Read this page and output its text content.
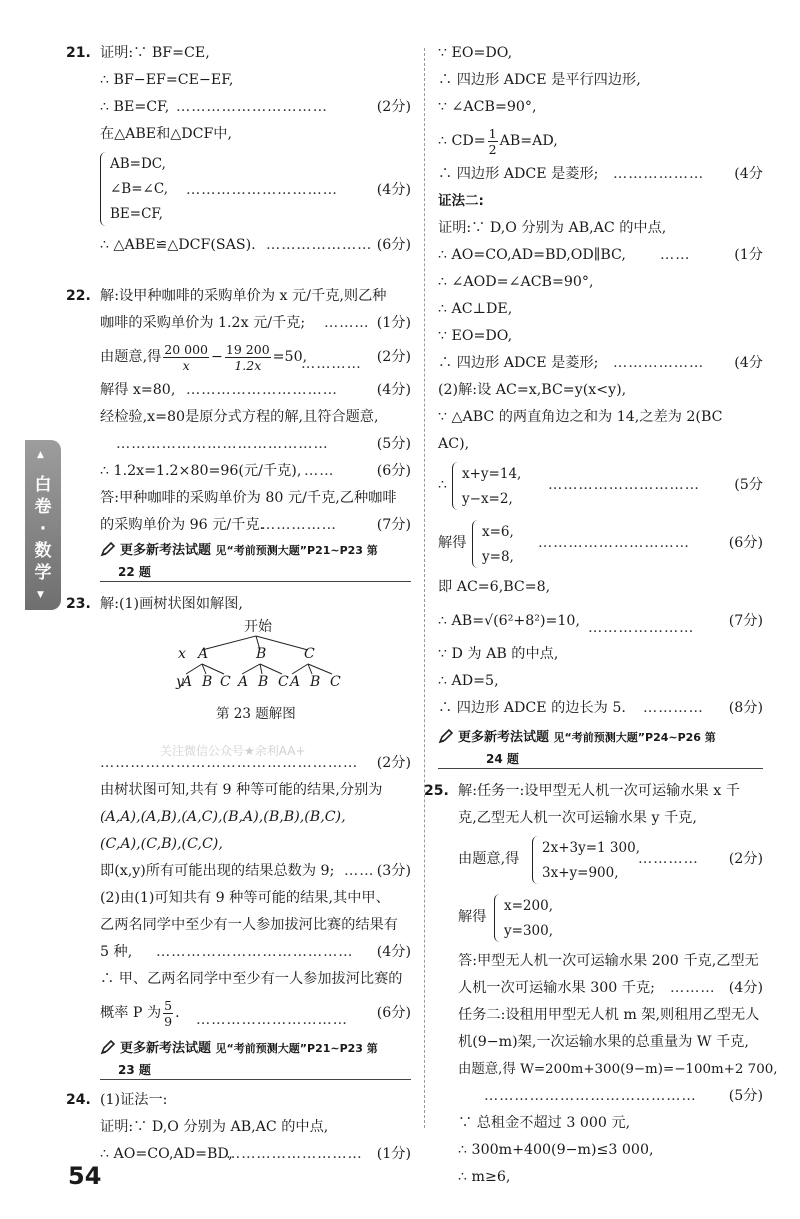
▲
白卷·数学
▼
关注微信公众号★余利AA+
21. 证明:∵ BF=CE,
∴ BF−EF=CE−EF,
∴ BE=CF, …………………………	(2分)
在△ABE和△DCF中,
AB=DC,
∠B=∠C,
BE=CF,
…………………………	(4分)
∴ △ABE≌△DCF(SAS). ………………… (6分)
22. 解:设甲种咖啡的采购单价为 x 元/千克,则乙种
咖啡的采购单价为 1.2x 元/千克; ……… (1分)
由题意,得 $\frac{20 000}{x} - \frac{19 200}{1.2x} =50$,
………… (2分)
解得 x=80, …………………………	(4分)
经检验,x=80是原分式方程的解,且符合题意,
……………………………………	(5分)
∴ 1.2x=1.2×80=96(元/千克), ……	(6分)
答:甲种咖啡的采购单价为 80 元/千克,乙种咖啡
的采购单价为 96 元/千克.
……………	(7分)
更多新考法试题 见“考前预测大题”P21~P23 第
22 题
23. 解:(1)画树状图如解图,
开始
x A	B	C
y
A B C A B C A B C
第 23 题解图
…………………………………………… (2分)
由树状图可知,共有 9 种等可能的结果,分别为
(A,A),(A,B),(A,C),(B,A),(B,B),(B,C),
(C,A),(C,B),(C,C),
即(x,y)所有可能出现的结果总数为 9; …… (3分)
(2)由(1)可知共有 9 种等可能的结果,其中甲、
乙两名同学中至少有一人参加拔河比赛的结果有
5 种, …………………………………	(4分)
∴ 甲、乙两名同学中至少有一人参加拔河比赛的
概率 P 为 $\frac{5}{9}$ . …………………………	(6分)
更多新考法试题 见“考前预测大题”P21~P23 第
23 题
24. (1)证法一:
证明:∵ D,O 分别为 AB,AC 的中点,
∴ AO=CO,AD=BD,
……………………… (1分)
∵ EO=DO,
∴ 四边形 ADCE 是平行四边形,
∵ ∠ACB=90°,
∴ $CD= \frac{1}{2} AB=AD$,
∴ 四边形 ADCE 是菱形; ………………	(4分
证法二:
证明:∵ D,O 分别为 AB,AC 的中点,
∴ AO=CO,AD=BD,OD∥BC, ……	(1分
∴ ∠AOD=∠ACB=90°,
∴ AC⊥DE,
∵ EO=DO,
∴ 四边形 ADCE 是菱形; ………………	(4分
(2)解:设 AC=x,BC=y(x<y),
∵ △ABC 的两直角边之和为 14,之差为 2(BC
AC),
∴
x+y=14,
y−x=2,
…………………………	(5分
解得
x=6,
y=8,
…………………………	(6分)
即 AC=6,BC=8,
∴ AB=√(6²+8²)=10, …………………	(7分)
∵ D 为 AB 的中点,
∴ AD=5,
∴ 四边形 ADCE 的边长为 5. …………	(8分)
更多新考法试题 见“考前预测大题”P24~P26 第
24 题
25. 解:任务一:设甲型无人机一次可运输水果 x 千
克,乙型无人机一次可运输水果 y 千克,
由题意,得
2x+3y=1 300,
3x+y=900,
…………	(2分)
解得
x=200,
y=300,
答:甲型无人机一次可运输水果 200 千克,乙型无
人机一次可运输水果 300 千克; ……… (4分)
任务二:设租用甲型无人机 m 架,则租用乙型无人
机(9−m)架,一次运输水果的总重量为 W 千克,
由题意,得 W=200m+300(9−m)=−100m+2 700,
……………………………………	(5分)
∵ 总租金不超过 3 000 元,
∴ 300m+400(9−m)≤3 000,
∴ m≥6,
54
